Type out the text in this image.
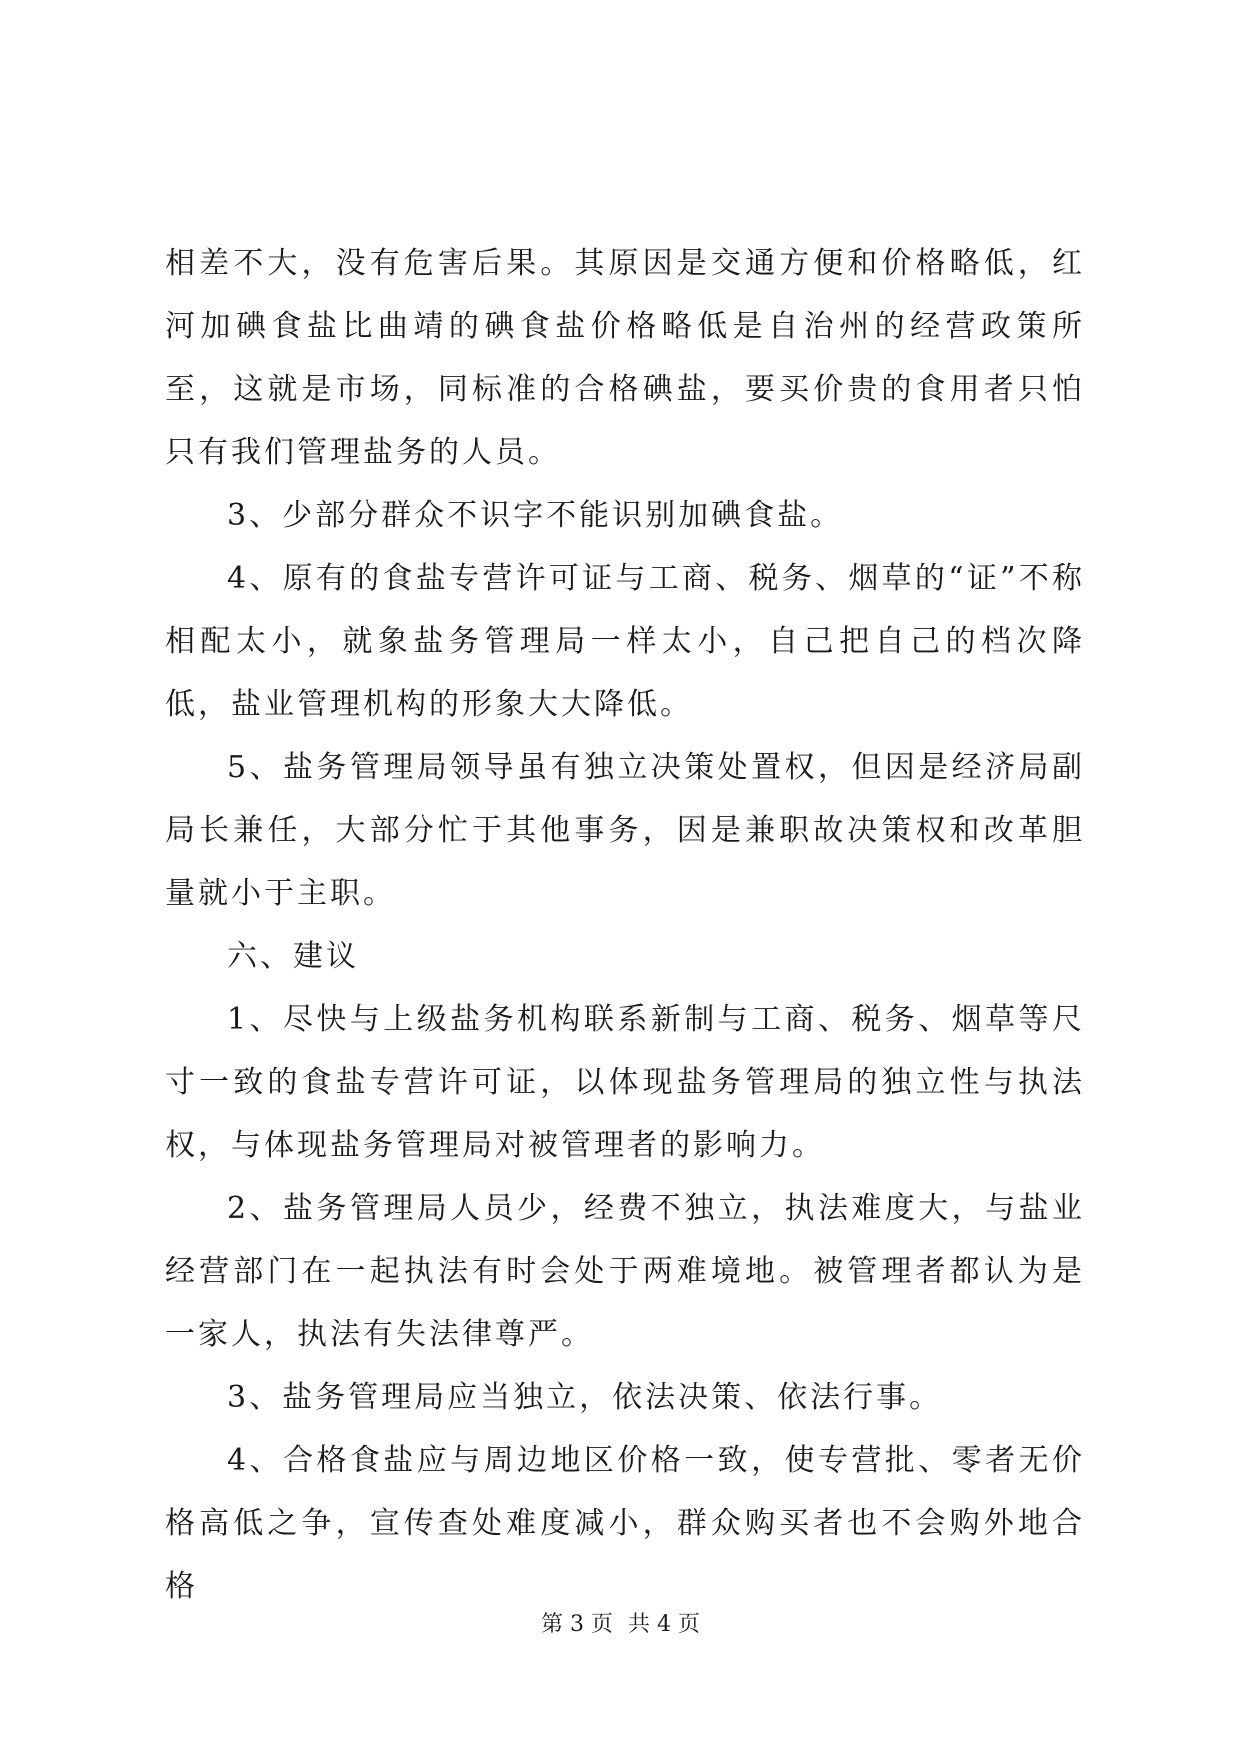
相差不大，没有危害后果。其原因是交通方便和价格略低，红河加碘食盐比曲靖的碘食盐价格略低是自治州的经营政策所至，这就是市场，同标准的合格碘盐，要买价贵的食用者只怕只有我们管理盐务的人员。

3、少部分群众不识字不能识别加碘食盐。

4、原有的食盐专营许可证与工商、税务、烟草的“证”不称相配太小，就象盐务管理局一样太小，自己把自己的档次降低，盐业管理机构的形象大大降低。

5、盐务管理局领导虽有独立决策处置权，但因是经济局副局长兼任，大部分忙于其他事务，因是兼职故决策权和改革胆量就小于主职。

六、建议

1、尽快与上级盐务机构联系新制与工商、税务、烟草等尺寸一致的食盐专营许可证，以体现盐务管理局的独立性与执法权，与体现盐务管理局对被管理者的影响力。

2、盐务管理局人员少，经费不独立，执法难度大，与盐业经营部门在一起执法有时会处于两难境地。被管理者都认为是一家人，执法有失法律尊严。

3、盐务管理局应当独立，依法决策、依法行事。

4、合格食盐应与周边地区价格一致，使专营批、零者无价格高低之争，宣传查处难度减小，群众购买者也不会购外地合格

第 3 页 共 4 页
